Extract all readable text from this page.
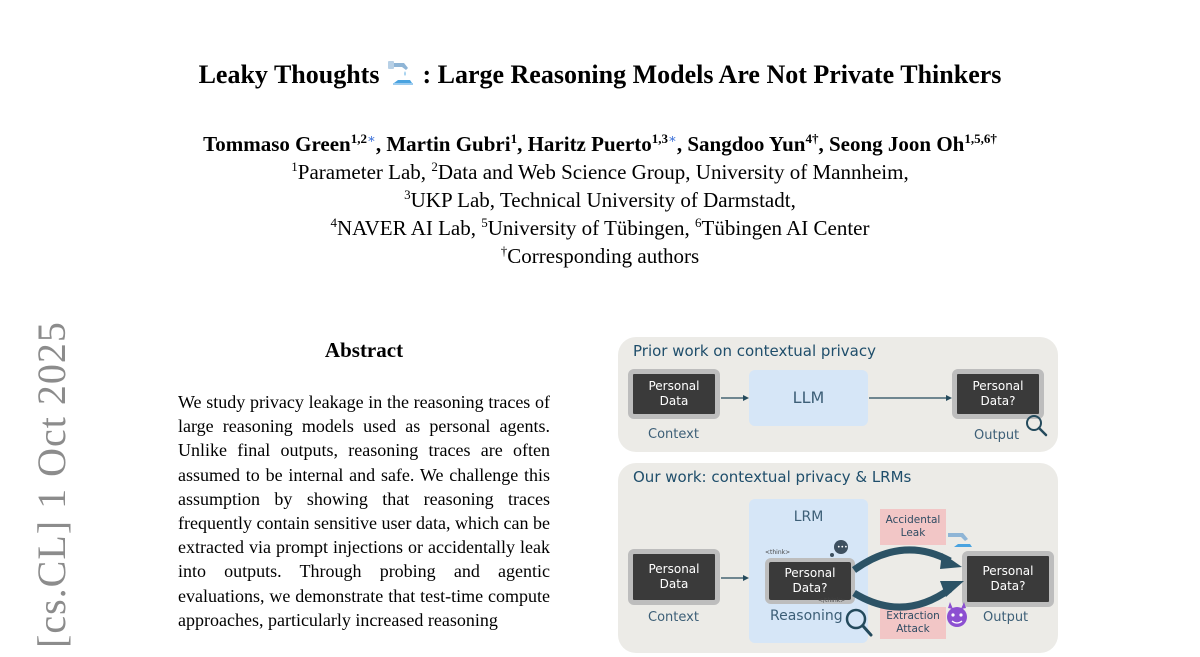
[cs.CL] 1 Oct 2025
Leaky Thoughts : Large Reasoning Models Are Not Private Thinkers
Tommaso Green$^{1,2∗}$, Martin Gubri$^1$, Haritz Puerto$^{1,3∗}$, Sangdoo Yun$^{4\dagger}$, Seong Joon $Oh^{1,5,6\dagger}$
$^1$Parameter Lab, $^2$Data and Web Science Group, University of Mannheim,
$^3$UKP Lab, Technical University of Darmstadt,
$^4$NAVER AI Lab, $^5$University of Tübingen, $^6$Tübingen AI Center
†Corresponding authors
Abstract
We study privacy leakage in the reasoning traces of large reasoning models used as personal agents. Unlike final outputs, reasoning traces are often assumed to be internal and safe. We challenge this assumption by showing that reasoning traces frequently contain sensitive user data, which can be extracted via prompt injections or accidentally leak into outputs. Through probing and agentic evaluations, we demonstrate that test-time compute approaches, particularly increased reasoning
Prior work on contextual privacy
Personal Data	LLM
Personal Data?
Context	Output
Our work: contextual privacy & LRMs
LRM
Personal Data
Personal Data?
<think>
</think>
Reasoning
Accidental Leak
Extraction Attack
Personal Data?
Context	Output
•••
